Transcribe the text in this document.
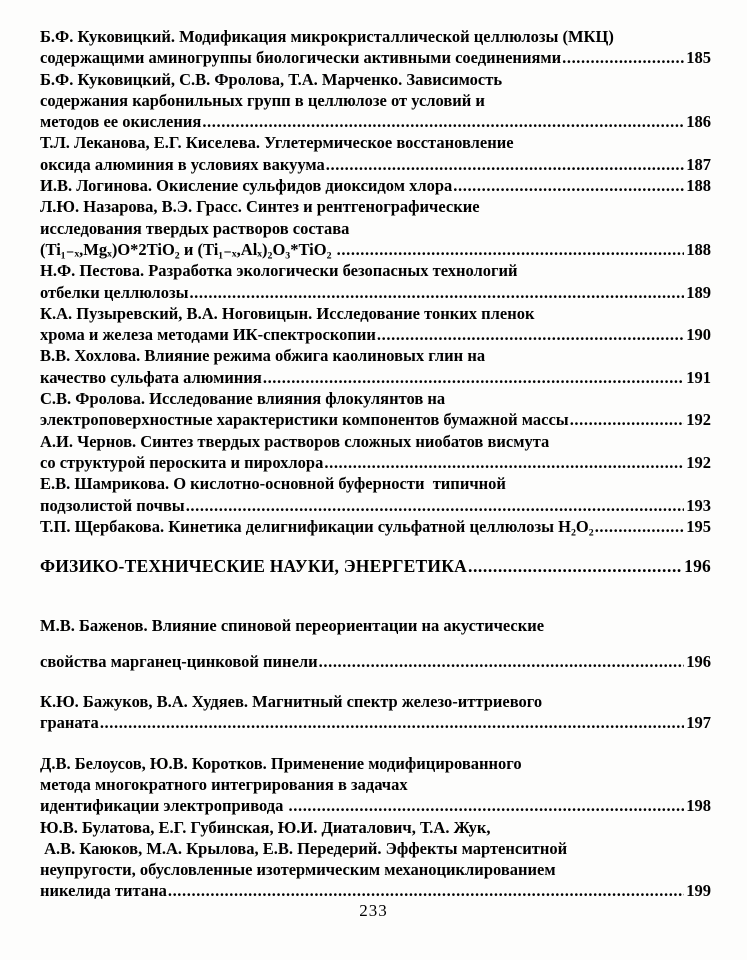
Б.Ф. Куковицкий. Модификация микрокристаллической целлюлозы (МКЦ)
содержащими аминогруппы биологически активными соединениями .....	185
Б.Ф. Куковицкий, С.В. Фролова, Т.А. Марченко. Зависимость
содержания карбонильных групп в целлюлозе от условий и
методов ее окисления .....	186
Т.Л. Леканова, Е.Г. Киселева. Углетермическое восстановление
оксида алюминия в условиях вакуума .....	187
И.В. Логинова. Окисление сульфидов диоксидом хлора .....	188
Л.Ю. Назарова, В.Э. Грасс. Синтез и рентгенографические
исследования твердых растворов состава
(Ti₁₋ₓ,Mgₓ)O*2TiO₂ и (Ti₁₋ₓ,Alₓ)₂O₃*TiO₂ .....	188
Н.Ф. Пестова. Разработка экологически безопасных технологий
отбелки целлюлозы .....	189
К.А. Пузыревский, В.А. Ноговицын. Исследование тонких пленок
хрома и железа методами ИК-спектроскопии .....	190
В.В. Хохлова. Влияние режима обжига каолиновых глин на
качество сульфата алюминия .....	191
С.В. Фролова. Исследование влияния флокулянтов на
электроповерхностные характеристики компонентов бумажной массы .....	192
А.И. Чернов. Синтез твердых растворов сложных ниобатов висмута
со структурой пероскита и пирохлора .....	192
Е.В. Шамрикова. О кислотно-основной буферности  типичной
подзолистой почвы .....	193
Т.П. Щербакова. Кинетика делигнификации сульфатной целлюлозы H₂O₂ .....	195
ФИЗИКО-ТЕХНИЧЕСКИЕ НАУКИ, ЭНЕРГЕТИКА .....	196
М.В. Баженов. Влияние спиновой переориентации на акустические
свойства марганец-цинковой пинели .....	196
К.Ю. Бажуков, В.А. Худяев. Магнитный спектр железо-иттриевого
граната .....	197
Д.В. Белоусов, Ю.В. Коротков. Применение модифицированного
метода многократного интегрирования в задачах
идентификации электропривода .....	198
Ю.В. Булатова, Е.Г. Губинская, Ю.И. Диаталович, Т.А. Жук,
А.В. Каюков, М.А. Крылова, Е.В. Передерий. Эффекты мартенситной
неупругости, обусловленные изотермическим механоциклированием
никелида титана .....	199
233
